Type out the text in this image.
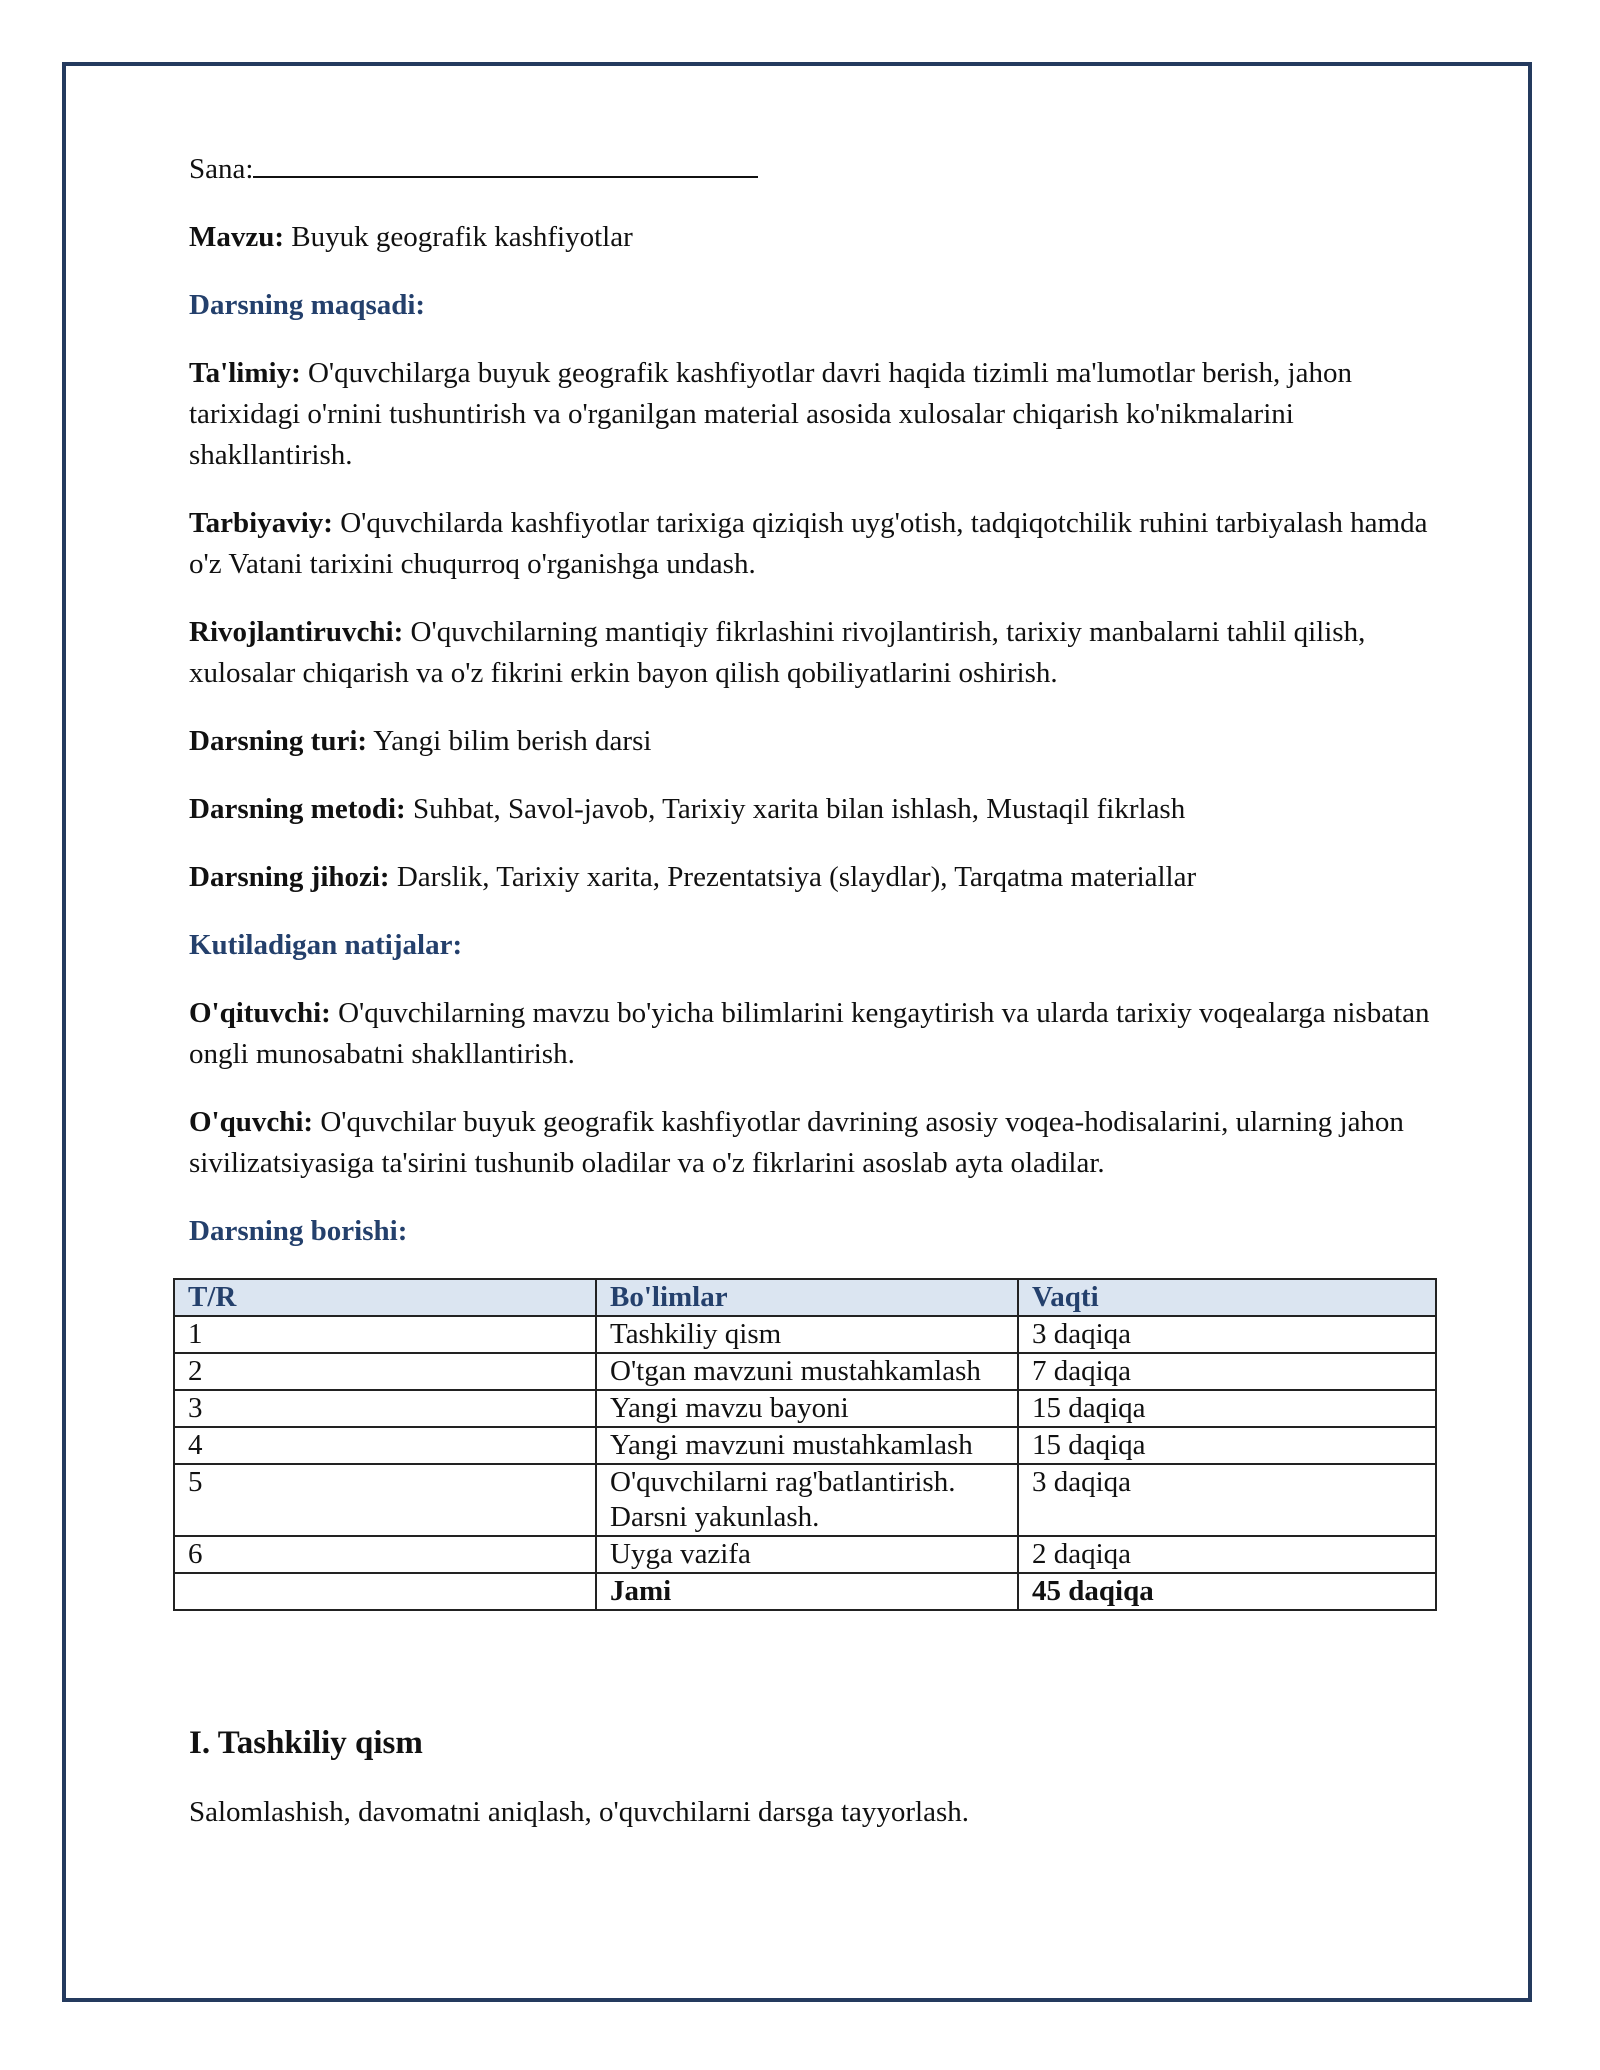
Sana:

Mavzu: Buyuk geografik kashfiyotlar

Darsning maqsadi:

Ta'limiy: O'quvchilarga buyuk geografik kashfiyotlar davri haqida tizimli ma'lumotlar berish, jahon tarixidagi o'rnini tushuntirish va o'rganilgan material asosida xulosalar chiqarish ko'nikmalarini shakllantirish.

Tarbiyaviy: O'quvchilarda kashfiyotlar tarixiga qiziqish uyg'otish, tadqiqotchilik ruhini tarbiyalash hamda o'z Vatani tarixini chuqurroq o'rganishga undash.

Rivojlantiruvchi: O'quvchilarning mantiqiy fikrlashini rivojlantirish, tarixiy manbalarni tahlil qilish, xulosalar chiqarish va o'z fikrini erkin bayon qilish qobiliyatlarini oshirish.

Darsning turi: Yangi bilim berish darsi

Darsning metodi: Suhbat, Savol-javob, Tarixiy xarita bilan ishlash, Mustaqil fikrlash

Darsning jihozi: Darslik, Tarixiy xarita, Prezentatsiya (slaydlar), Tarqatma materiallar

Kutiladigan natijalar:

O'qituvchi: O'quvchilarning mavzu bo'yicha bilimlarini kengaytirish va ularda tarixiy voqealarga nisbatan ongli munosabatni shakllantirish.

O'quvchi: O'quvchilar buyuk geografik kashfiyotlar davrining asosiy voqea-hodisalarini, ularning jahon sivilizatsiyasiga ta'sirini tushunib oladilar va o'z fikrlarini asoslab ayta oladilar.

Darsning borishi:

T/R	Bo'limlar	Vaqti
1	Tashkiliy qism	3 daqiqa
2	O'tgan mavzuni mustahkamlash	7 daqiqa
3	Yangi mavzu bayoni	15 daqiqa
4	Yangi mavzuni mustahkamlash	15 daqiqa
5	O'quvchilarni rag'batlantirish. Darsni yakunlash.	3 daqiqa
6	Uyga vazifa	2 daqiqa
	Jami	45 daqiqa
I. Tashkiliy qism
Salomlashish, davomatni aniqlash, o'quvchilarni darsga tayyorlash.
